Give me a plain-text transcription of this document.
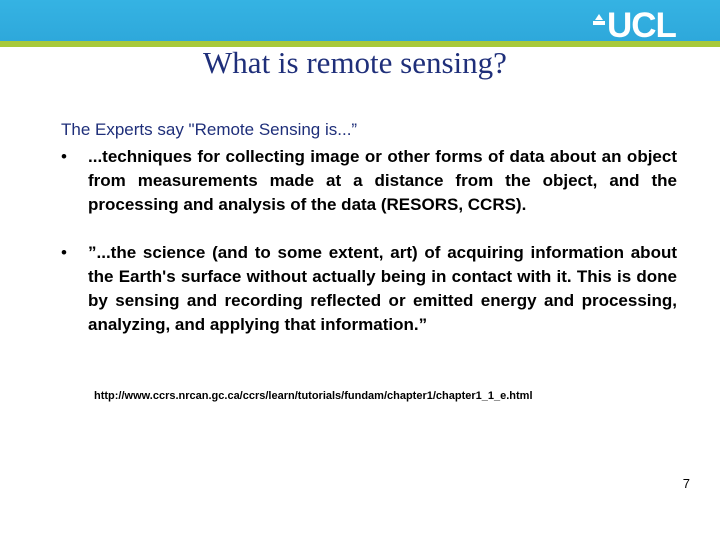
UCL
What is remote sensing?
The Experts say "Remote Sensing is...”
• ...techniques for collecting image or other forms of data about an object from measurements made at a distance from the object, and the processing and analysis of the data (RESORS, CCRS).
• ”...the science (and to some extent, art) of acquiring information about the Earth's surface without actually being in contact with it. This is done by sensing and recording reflected or emitted energy and processing, analyzing, and applying that information.”
http://www.ccrs.nrcan.gc.ca/ccrs/learn/tutorials/fundam/chapter1/chapter1_1_e.html
7
